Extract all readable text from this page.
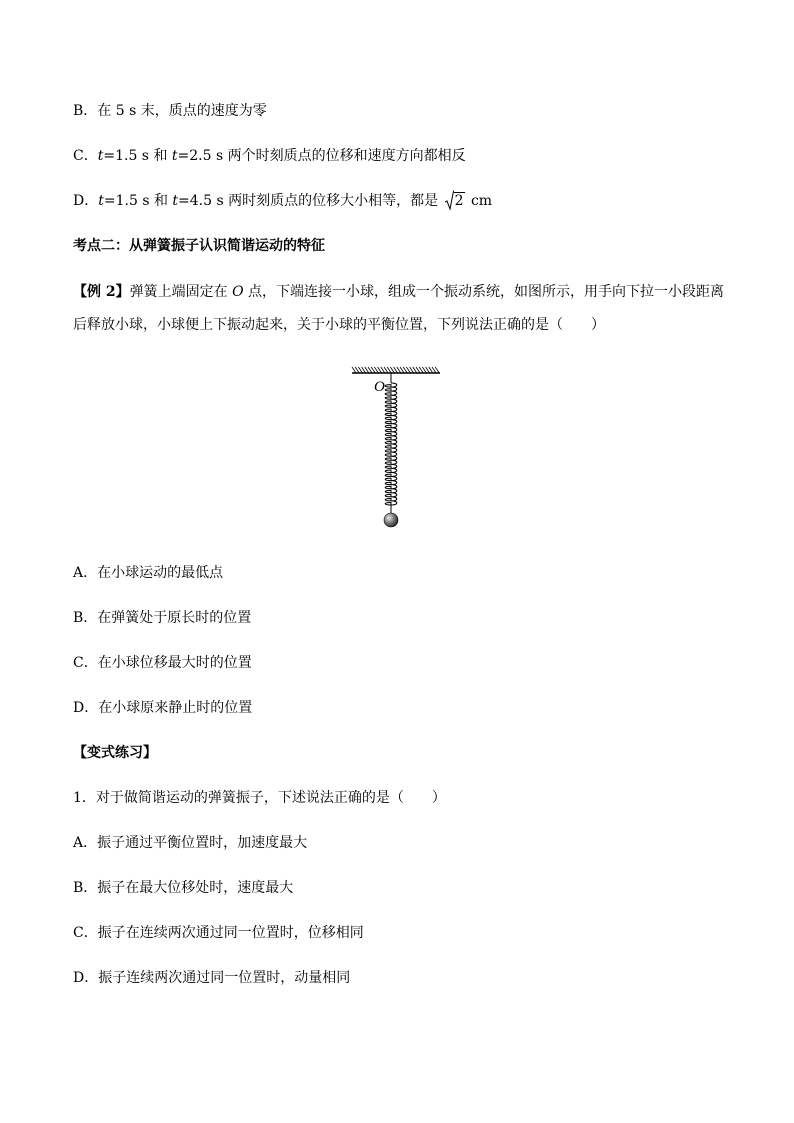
B．在 5 s 末，质点的速度为零
C．t=1.5 s 和 t=2.5 s 两个时刻质点的位移和速度方向都相反
D．t=1.5 s 和 t=4.5 s 两时刻质点的位移大小相等，都是
2 cm
考点二：从弹簧振子认识简谐运动的特征
【例 2】弹簧上端固定在 O 点，下端连接一小球，组成一个振动系统，如图所示，用手向下拉一小段距离
后释放小球，小球便上下振动起来，关于小球的平衡位置，下列说法正确的是（　　）
O
A．在小球运动的最低点
B．在弹簧处于原长时的位置
C．在小球位移最大时的位置
D．在小球原来静止时的位置
【变式练习】
1．对于做简谐运动的弹簧振子，下述说法正确的是（　　）
A．振子通过平衡位置时，加速度最大
B．振子在最大位移处时，速度最大
C．振子在连续两次通过同一位置时，位移相同
D．振子连续两次通过同一位置时，动量相同
